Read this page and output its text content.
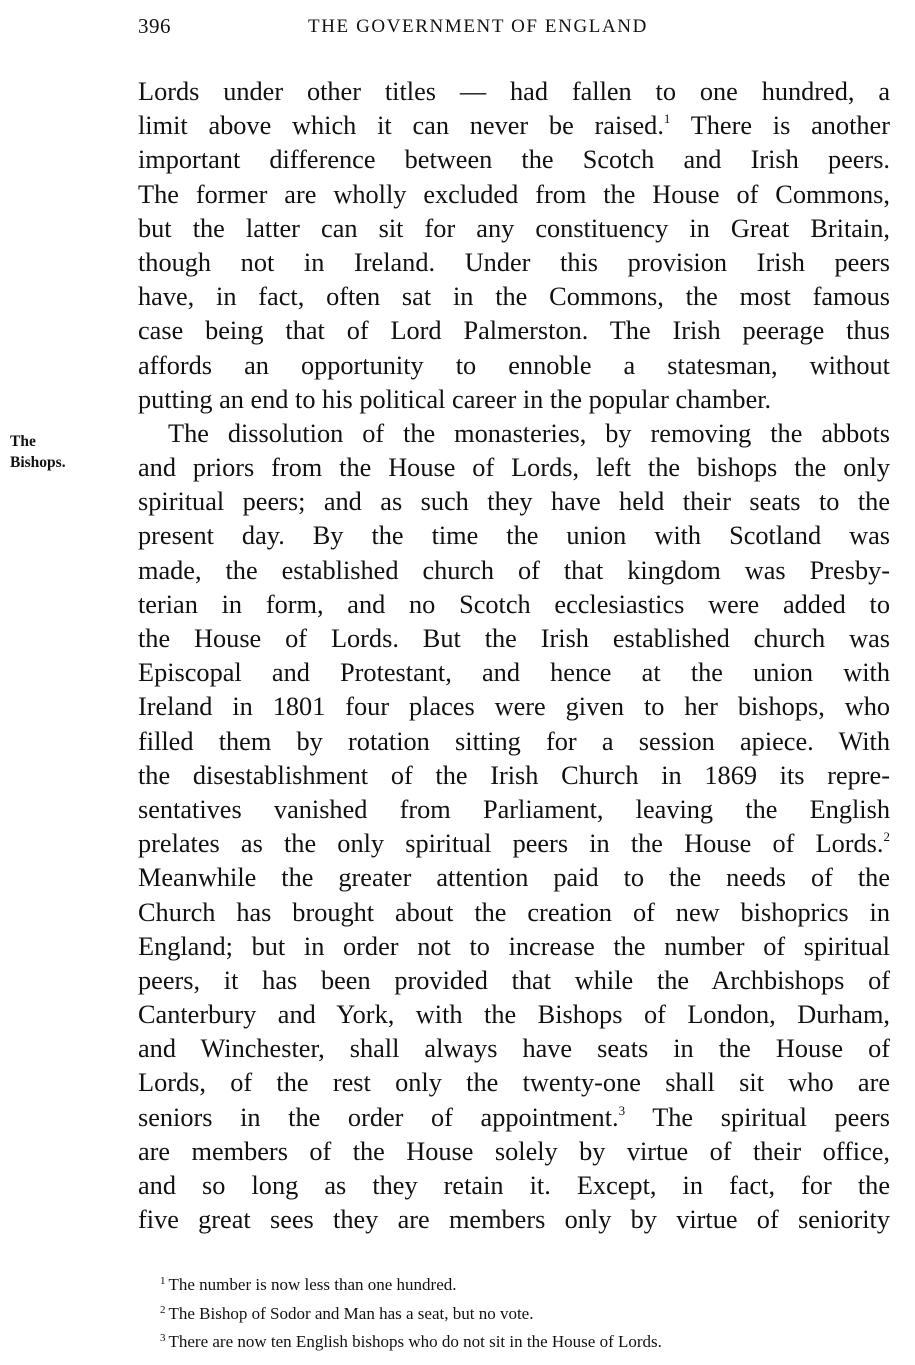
396	THE GOVERNMENT OF ENGLAND
The
Bishops.
Lords under other titles — had fallen to one hundred, a
limit above which it can never be raised.$^1$ There is another
important difference between the Scotch and Irish peers.
The former are wholly excluded from the House of Commons,
but the latter can sit for any constituency in Great Britain,
though not in Ireland. Under this provision Irish peers
have, in fact, often sat in the Commons, the most famous
case being that of Lord Palmerston. The Irish peerage thus
affords an opportunity to ennoble a statesman, without
putting an end to his political career in the popular chamber.
The dissolution of the monasteries, by removing the abbots
and priors from the House of Lords, left the bishops the only
spiritual peers; and as such they have held their seats to the
present day. By the time the union with Scotland was
made, the established church of that kingdom was Presby-
terian in form, and no Scotch ecclesiastics were added to
the House of Lords. But the Irish established church was
Episcopal and Protestant, and hence at the union with
Ireland in 1801 four places were given to her bishops, who
filled them by rotation sitting for a session apiece. With
the disestablishment of the Irish Church in 1869 its repre-
sentatives vanished from Parliament, leaving the English
prelates as the only spiritual peers in the House of Lords.$^2$
Meanwhile the greater attention paid to the needs of the
Church has brought about the creation of new bishoprics in
England; but in order not to increase the number of spiritual
peers, it has been provided that while the Archbishops of
Canterbury and York, with the Bishops of London, Durham,
and Winchester, shall always have seats in the House of
Lords, of the rest only the twenty-one shall sit who are
seniors in the order of appointment.$^3$ The spiritual peers
are members of the House solely by virtue of their office,
and so long as they retain it. Except, in fact, for the
five great sees they are members only by virtue of seniority
$^1$ The number is now less than one hundred.
$^2$ The Bishop of Sodor and Man has a seat, but no vote.
$^3$ There are now ten English bishops who do not sit in the House of Lords.
